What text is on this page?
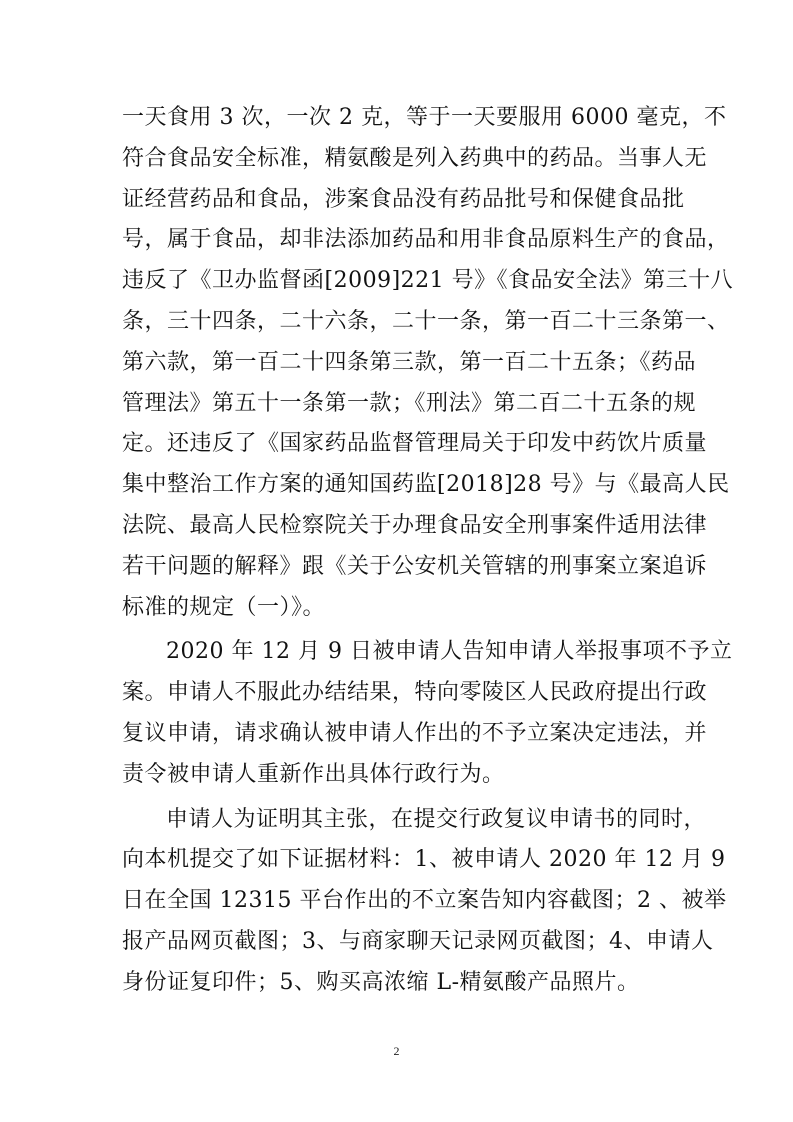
一天食用 3 次，一次 2 克，等于一天要服用 6000 毫克，不
符合食品安全标准，精氨酸是列入药典中的药品。当事人无
证经营药品和食品，涉案食品没有药品批号和保健食品批
号，属于食品，却非法添加药品和用非食品原料生产的食品，
违反了《卫办监督函[2009]221 号》《食品安全法》第三十八
条，三十四条，二十六条，二十一条，第一百二十三条第一、
第六款，第一百二十四条第三款，第一百二十五条；《药品
管理法》第五十一条第一款；《刑法》第二百二十五条的规
定。还违反了《国家药品监督管理局关于印发中药饮片质量
集中整治工作方案的通知国药监[2018]28 号》与《最高人民
法院、最高人民检察院关于办理食品安全刑事案件适用法律
若干问题的解释》跟《关于公安机关管辖的刑事案立案追诉
标准的规定（一）》。
2020 年 12 月 9 日被申请人告知申请人举报事项不予立
案。申请人不服此办结结果，特向零陵区人民政府提出行政
复议申请，请求确认被申请人作出的不予立案决定违法，并
责令被申请人重新作出具体行政行为。
申请人为证明其主张，在提交行政复议申请书的同时，
向本机提交了如下证据材料：1、被申请人 2020 年 12 月 9
日在全国 12315 平台作出的不立案告知内容截图；2 、被举
报产品网页截图；3、与商家聊天记录网页截图；4、申请人
身份证复印件；5、购买高浓缩 L-精氨酸产品照片。
2
